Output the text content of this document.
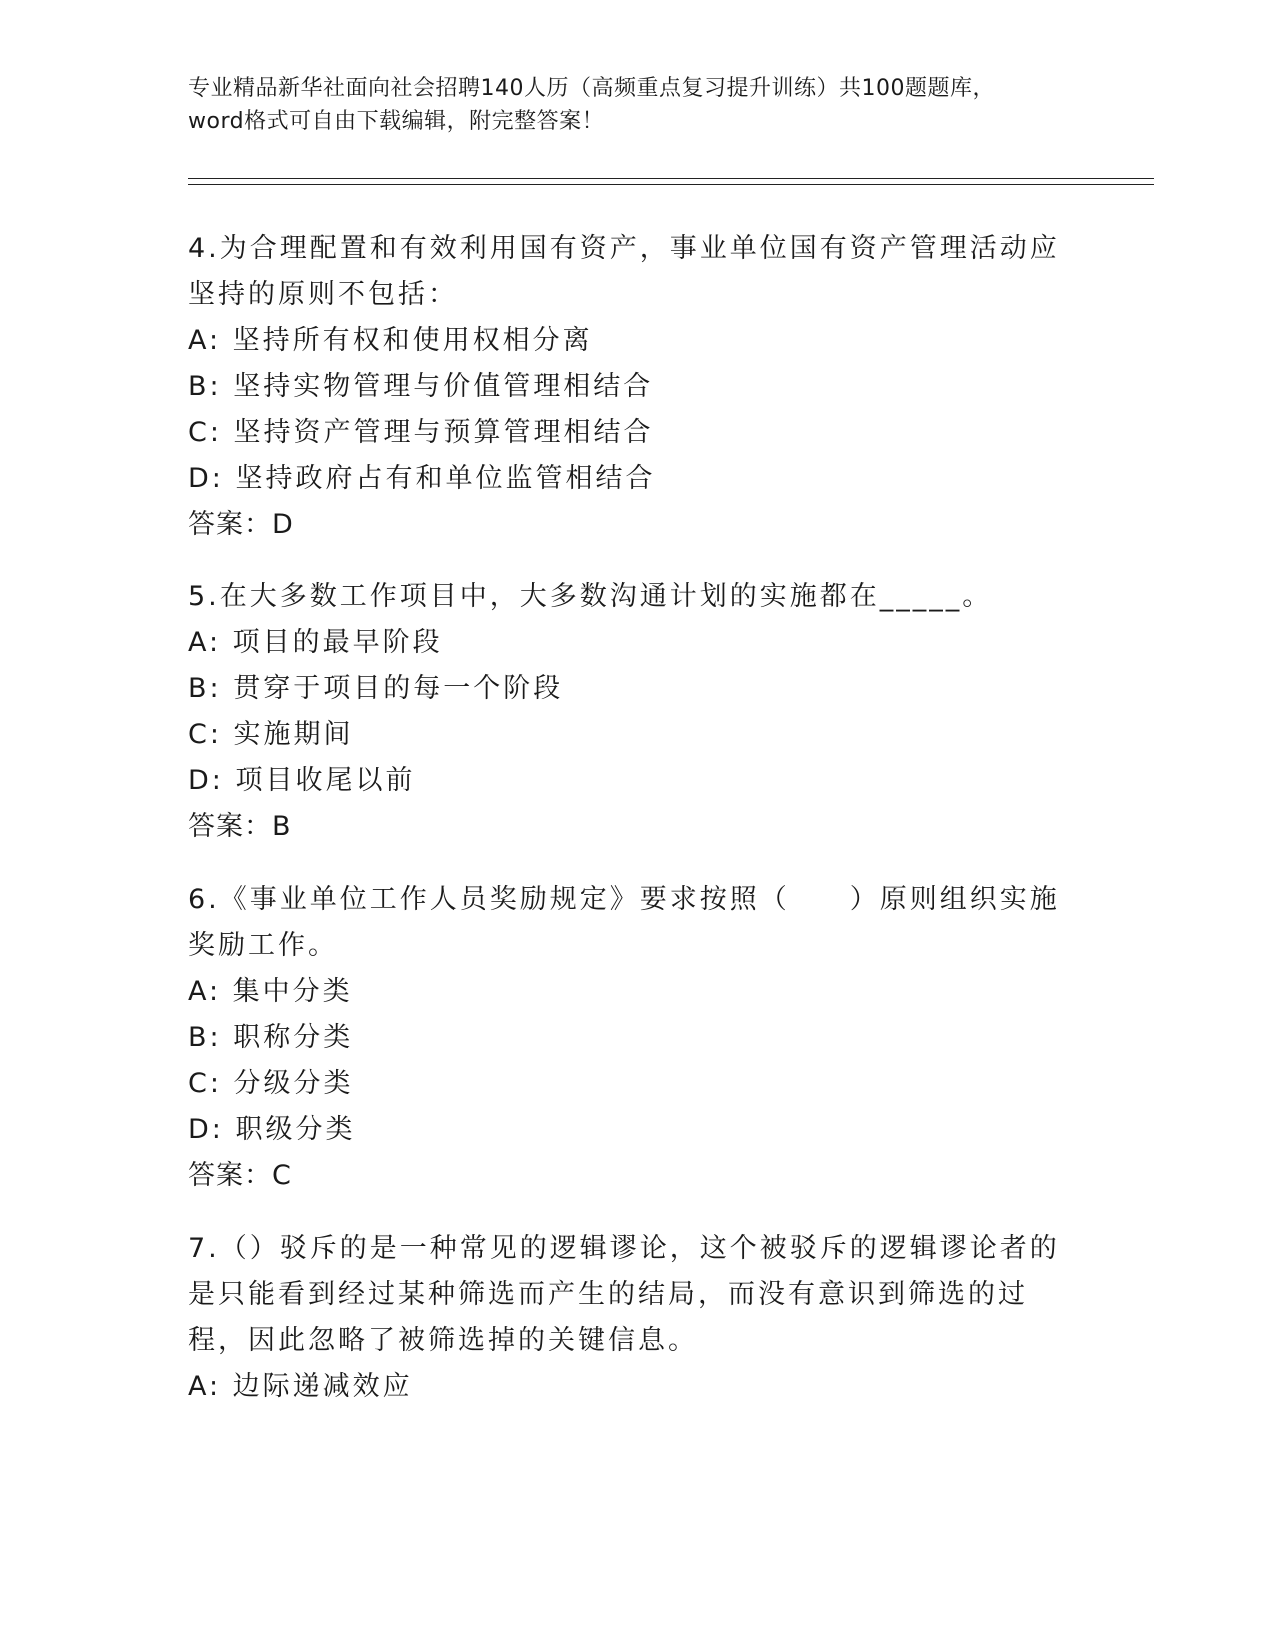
专业精品新华社面向社会招聘140人历（高频重点复习提升训练）共100题题库，word格式可自由下载编辑，附完整答案！
4.为合理配置和有效利用国有资产，事业单位国有资产管理活动应坚持的原则不包括：
A: 坚持所有权和使用权相分离
B: 坚持实物管理与价值管理相结合
C: 坚持资产管理与预算管理相结合
D: 坚持政府占有和单位监管相结合
答案：D
5.在大多数工作项目中，大多数沟通计划的实施都在_____。
A: 项目的最早阶段
B: 贯穿于项目的每一个阶段
C: 实施期间
D: 项目收尾以前
答案：B
6.《事业单位工作人员奖励规定》要求按照（　　）原则组织实施奖励工作。
A: 集中分类
B: 职称分类
C: 分级分类
D: 职级分类
答案：C
7.（）驳斥的是一种常见的逻辑谬论，这个被驳斥的逻辑谬论者的是只能看到经过某种筛选而产生的结局，而没有意识到筛选的过程，因此忽略了被筛选掉的关键信息。
A: 边际递减效应
